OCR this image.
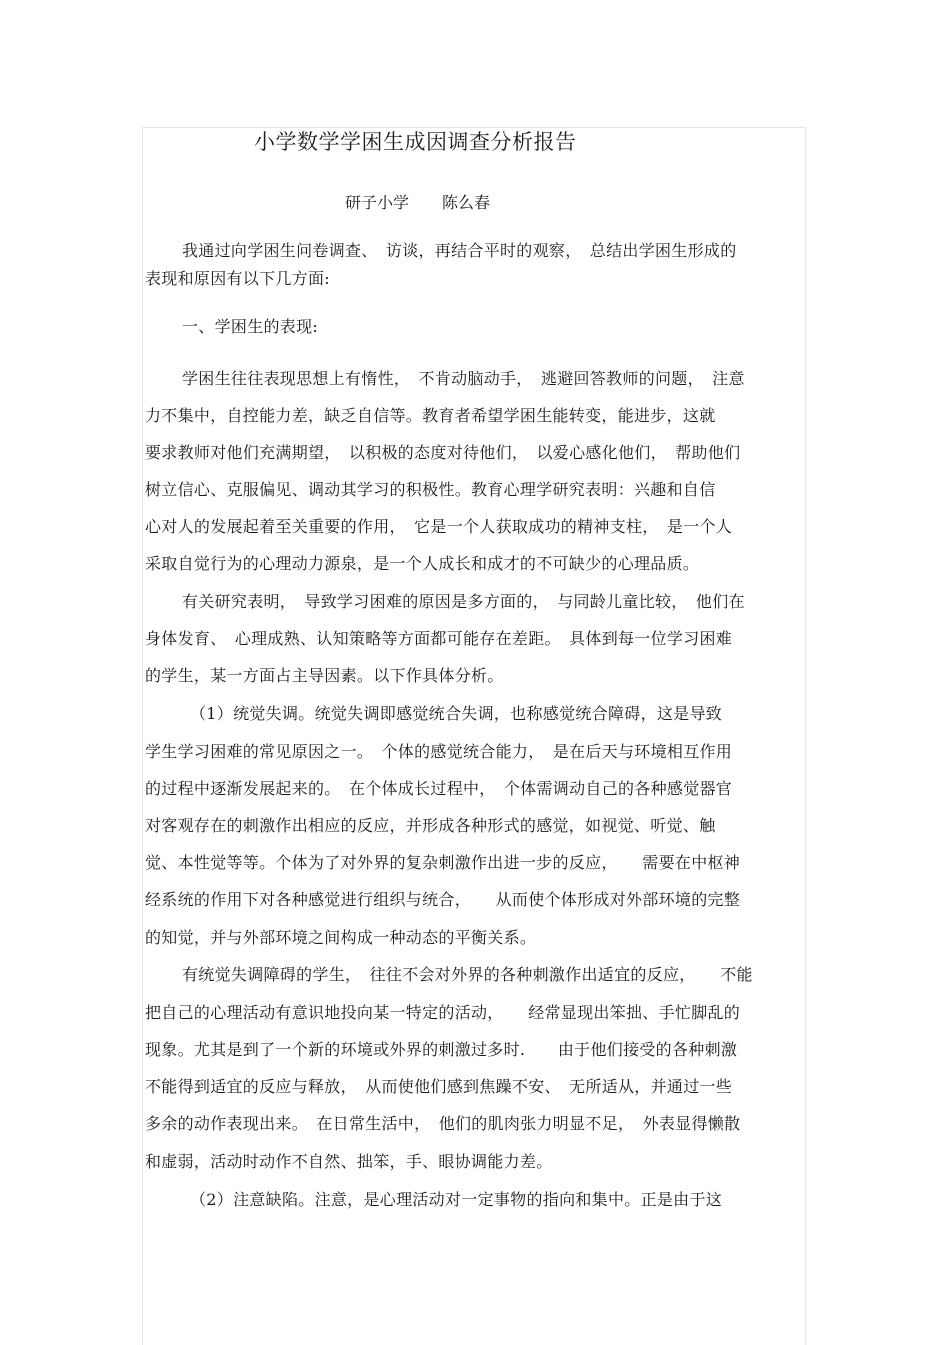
小学数学学困生成因调查分析报告
研子小学 陈么春
我通过向学困生问卷调查、　访谈，再结合平时的观察，　总结出学困生形成的
表现和原因有以下几方面:
一、学困生的表现:
学困生往往表现思想上有惰性，　不肯动脑动手，　逃避回答教师的问题，　注意
力不集中，自控能力差，缺乏自信等。教育者希望学困生能转变，能进步，这就
要求教师对他们充满期望，　以积极的态度对待他们，　以爱心感化他们，　帮助他们
树立信心、克服偏见、调动其学习的积极性。教育心理学研究表明：兴趣和自信
心对人的发展起着至关重要的作用，　它是一个人获取成功的精神支柱，　是一个人
采取自觉行为的心理动力源泉，是一个人成长和成才的不可缺少的心理品质。
有关研究表明，　导致学习困难的原因是多方面的，　与同龄儿童比较，　他们在
身体发育、　心理成熟、认知策略等方面都可能存在差距。　具体到每一位学习困难
的学生，某一方面占主导因素。以下作具体分析。
（1）统觉失调。统觉失调即感觉统合失调，也称感觉统合障碍，这是导致
学生学习困难的常见原因之一。　个体的感觉统合能力，　是在后天与环境相互作用
的过程中逐渐发展起来的。　在个体成长过程中，　个体需调动自己的各种感觉器官
对客观存在的刺激作出相应的反应，并形成各种形式的感觉，如视觉、听觉、触
觉、本性觉等等。个体为了对外界的复杂刺激作出进一步的反应，　　需要在中枢神
经系统的作用下对各种感觉进行组织与统合，　　从而使个体形成对外部环境的完整
的知觉，并与外部环境之间构成一种动态的平衡关系。
有统觉失调障碍的学生，　往往不会对外界的各种刺激作出适宜的反应，　　不能
把自己的心理活动有意识地投向某一特定的活动，　　经常显现出笨拙、手忙脚乱的
现象。尤其是到了一个新的环境或外界的刺激过多时.　　由于他们接受的各种刺激
不能得到适宜的反应与释放，　从而使他们感到焦躁不安、　无所适从，并通过一些
多余的动作表现出来。　在日常生活中，　他们的肌肉张力明显不足，　外表显得懒散
和虚弱，活动时动作不自然、拙笨，手、眼协调能力差。
（2）注意缺陷。注意，是心理活动对一定事物的指向和集中。正是由于这
